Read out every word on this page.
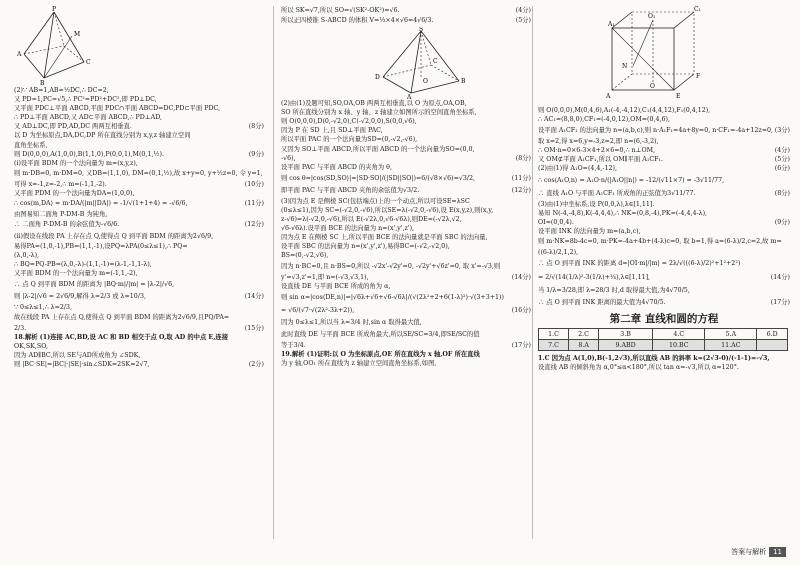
P
A
B
C
M

(2)∵ AB=1,AB=½DC,∴ DC=2,

又 PD=1,PC=√5,∴ PC²=PD²+DC²,即 PD⊥DC,

又平面 PDC⊥平面 ABCD,平面 PDC∩平面 ABCD=DC,PD⊂平面 PDC,

∴ PD⊥平面 ABCD,又 AD⊂平面 ABCD,∴ PD⊥AD,

又 AD⊥DC,即 PD,AD,DC 两两互相垂直.	(8分)

以 D 为坐标原点,DA,DC,DP 所在直线分别为 x,y,z 轴建立空间

直角坐标系,

则 D(0,0,0),A(1,0,0),B(1,1,0),P(0,0,1),M(0,1,½).	(9分)

(i)设平面 BDM 的一个法向量为 m=(x,y,z),

则 m·DB=0, m·DM=0, 又DB=(1,1,0), DM=(0,1,½),故 x+y=0, y+½z=0, 令 y=1,

可得 x=-1,z=-2,∴ m=(-1,1,-2).	(10分)

又平面 PDM 的一个法向量为DA=(1,0,0),

∴ cos⟨m,DA⟩ = m·DA/(|m||DA|) = -1/√(1+1+4) = -√6/6,	(11分)

由图易知二面角 P-DM-B 为钝角,

∴ 二面角 P-DM-B 的余弦值为-√6/6.	(12分)

(ii)假设在线段 PA 上存在点 Q,使得点 Q 到平面 BDM 的距离为2√6/9,

易得PA=(1,0,-1),PB=(1,1,-1),设PQ=λPA(0≤λ≤1),∴ PQ=

(λ,0,-λ),

∴ BQ=PQ-PB=(λ,0,-λ)-(1,1,-1)=(λ-1,-1,1-λ),

又平面 BDM 的一个法向量为 m=(-1,1,-2),

∴ 点 Q 到平面 BDM 的距离为 |BQ·m|/|m| = |λ-2|/√6,

则 |λ-2|/√6 = 2√6/9,解得 λ=2/3 或 λ=10/3,	(14分)

∵ 0≤λ≤1,∴ λ=2/3,

故在线段 PA 上存在点 Q,使得点 Q 到平面 BDM 的距离为2√6/9,且PQ/PA=

2/3.	(15分)

18.解析 (1)连接 AC,BD,设 AC 和 BD 相交于点 O,取 AD 的中点 E,连接

OK,SK,SO,

因为 AD∥BC,所以 SE与AD所成角为 ∠SDK,

则 |BC·SE|=|BC|·|SE|·sin∠SDK=2SK=2√7,	(2分)

所以 SK=√7,所以 SO=√(SK²-OK²)=√6.	(4分)

所以正四棱锥 S-ABCD 的体积 V=⅓×4×√6=4√6/3.	(5分)

S
D
A
B
C
O

(2)由(1)及题可知,SO,OA,OB 两两互相垂直,以 O 为原点,OA,OB,

SO 所在直线分别为 x 轴、y 轴、z 轴建立如图所示的空间直角坐标系,

则 O(0,0,0),D(0,-√2,0),C(-√2,0,0),S(0,0,√6),

因为 P 在 SD 上,且 SD⊥平面 PAC,

所以平面 PAC 的一个法向量为SD=(0,-√2,-√6),

又因为 SO⊥平面 ABCD,所以平面 ABCD 的一个法向量为SO=(0,0,

-√6),	(8分)

设平面 PAC 与平面 ABCD 的夹角为 θ,

则 cos θ=|cos⟨SD,SO⟩|=|SD·SO|/(|SD||SO|)=6/(√8×√6)=√3/2,	(11分)

即平面 PAC 与平面 ABCD 夹角的余弦值为√3/2.	(12分)

(3)因为点 E 是侧棱 SC(包括端点)上的一个动点,所以可设SE=λSC

(0≤λ≤1),因为 SC=(-√2,0,-√6),所以SE=λ(-√2,0,-√6),设 E(x,y,z),则(x,y,

z-√6)=λ(-√2,0,-√6),所以 E(-√2λ,0,√6-√6λ),则DE=(-√2λ,√2,

√6-√6λ).设平面 BCE 的法向量为 n=(x',y',z'),

因为点 E 在侧棱 SC 上,所以平面 BCE 的法向量就是平面 SBC 的法向量,

设平面 SBC 的法向量为 n=(x',y',z'),易得BC=(-√2,-√2,0),

BS=(0,-√2,√6),

因为 n·BC=0,且 n·BS=0,所以 -√2x'-√2y'=0, -√2y'+√6z'=0, 取 x'=-√3,则

y'=√3,z'=1,即 n=(-√3,√3,1),	(14分)

设直线 DE 与平面 BCE 所成的角为 α,

则 sin α=|cos⟨DE,n⟩|=|√6λ+√6+√6-√6λ|/(√(2λ²+2+6(1-λ)²)·√(3+3+1))

= √6/(√7·√(2λ²-3λ+2)),	(16分)

因为 0≤λ≤1,所以当 λ=3/4 时,sin α 取得最大值,

此时直线 DE 与平面 BCE 所成角最大,所以SE/SC=3/4,即SE/SC的值

等于3/4.	(17分)

19.解析 (1)证明:以 O 为坐标原点,OE 所在直线为 x 轴,OF 所在直线

为 y 轴,OO₁ 所在直线为 z 轴建立空间直角坐标系,如图,

A₁
C₁
O₁
O
A	E
F
N

则 O(0,0,0),M(0,4,6),A₁(-4,-4,12),C₁(4,4,12),F₁(0,4,12),

∴ AC₁=(8,8,0),CF₁=(-4,0,12),OM=(0,4,6),

设平面 A₁CF₁ 的法向量为 n=(a,b,c),则 n·A₁F₁=4a+8y=0, n·CF₁=-4a+12z=0, (3分)

取 x=2,得 x=6,y=-3,z=2,即 n=(6,-3,2),

∴ OM·n=0×6-3×4+2×6=0,∴ n⊥OM,	(4分)

又 OM⊄平面 A₁CF₁,所以 OM∥平面 A₁CF₁.	(5分)

(2)由(1)得 A₁O=(4,4,-12),	(6分)

∴ cos⟨A₁O,n⟩ = A₁O·n/(|A₁O||n|) = -12/(√11×7) = -3√11/77,

∴ 直线 A₁O 与平面 A₁CF₁ 所成角的正弦值为3√11/77.	(8分)

(3)由(1)中坐标系,设 P(0,0,λ),λ∈[1,11].

易知 N(-4,-4,8),K(-4,4,4),∴ NK=(0,8,-4),PK=(-4,4,4-λ),

OI=(0,0,4).	(9分)

设平面 INK 的法向量为 m=(a,b,c),

则 m·NK=8b-4c=0, m·PK=-4a+4b+(4-λ)c=0, 取 b=1,得 a=(6-λ)/2,c=2,故 m=

((6-λ)/2,1,2),

∴ 点 O 到平面 INK 的距离 d=|OI·m|/|m| = 2λ/√(((6-λ)/2)²+1²+2²)

= 2/√(14(1/λ)²-3(1/λ)+¼),λ∈[1,11],	(14分)

当 1/λ=3/28,即 λ=28/3 时,d 取得最大值,为4√70/5,

∴ 点 O 到平面 INK 距离的最大值为4√70/5.	(17分)

第二章 直线和圆的方程
1.C	2.C	3.B	4.C	5.A	6.D
7.C	8.A	9.ABD	10.BC	11.AC	

1.C 因为点 A(1,0),B(-1,2√3),所以直线 AB 的斜率 k=(2√3-0)/(-1-1)=-√3,

设直线 AB 的倾斜角为 α,0°≤α<180°,所以 tan α=-√3,所以 α=120°.

答案与解析 11
